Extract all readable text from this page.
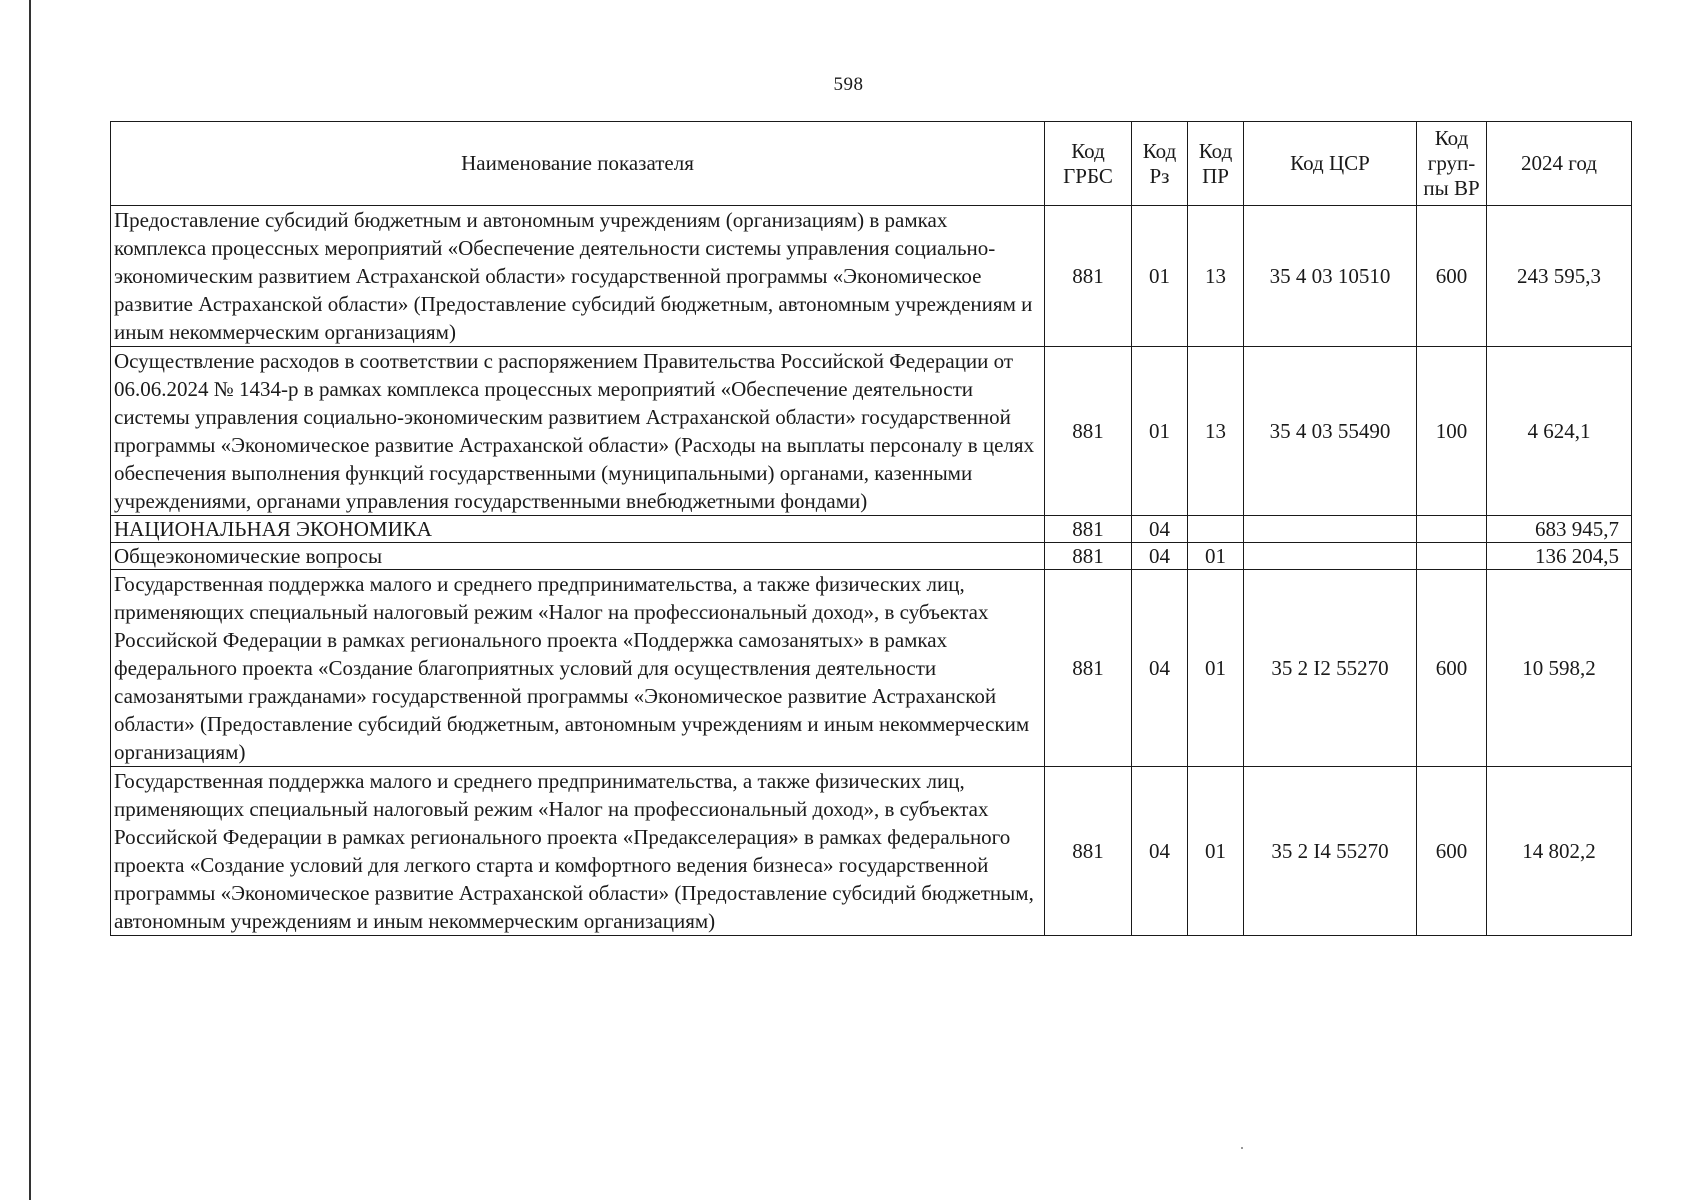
598
Наименование показателя	Код ГРБС	Код Рз	Код ПР	Код ЦСР	Код груп-пы ВР	2024 год
Предоставление субсидий бюджетным и автономным учреждениям (организациям) в рамках комплекса процессных мероприятий «Обеспечение деятельности системы управления социально-экономическим развитием Астраханской области» государственной программы «Экономическое развитие Астраханской области» (Предоставление субсидий бюджетным, автономным учреждениям и иным некоммерческим организациям)	881	01	13	35 4 03 10510	600	243 595,3
Осуществление расходов в соответствии с распоряжением Правительства Российской Федерации от 06.06.2024 № 1434-р в рамках комплекса процессных мероприятий «Обеспечение деятельности системы управления социально-экономическим развитием Астраханской области» государственной программы «Экономическое развитие Астраханской области» (Расходы на выплаты персоналу в целях обеспечения выполнения функций государственными (муниципальными) органами, казенными учреждениями, органами управления государственными внебюджетными фондами)	881	01	13	35 4 03 55490	100	4 624,1
НАЦИОНАЛЬНАЯ ЭКОНОМИКА	881	04				683 945,7
Общеэкономические вопросы	881	04	01			136 204,5
Государственная поддержка малого и среднего предпринимательства, а также физических лиц, применяющих специальный налоговый режим «Налог на профессиональный доход», в субъектах Российской Федерации в рамках регионального проекта «Поддержка самозанятых» в рамках федерального проекта «Создание благоприятных условий для осуществления деятельности самозанятыми гражданами» государственной программы «Экономическое развитие Астраханской области» (Предоставление субсидий бюджетным, автономным учреждениям и иным некоммерческим организациям)	881	04	01	35 2 I2 55270	600	10 598,2
Государственная поддержка малого и среднего предпринимательства, а также физических лиц, применяющих специальный налоговый режим «Налог на профессиональный доход», в субъектах Российской Федерации в рамках регионального проекта «Предакселерация» в рамках федерального проекта «Создание условий для легкого старта и комфортного ведения бизнеса» государственной программы «Экономическое развитие Астраханской области» (Предоставление субсидий бюджетным, автономным учреждениям и иным некоммерческим организациям)	881	04	01	35 2 I4 55270	600	14 802,2
